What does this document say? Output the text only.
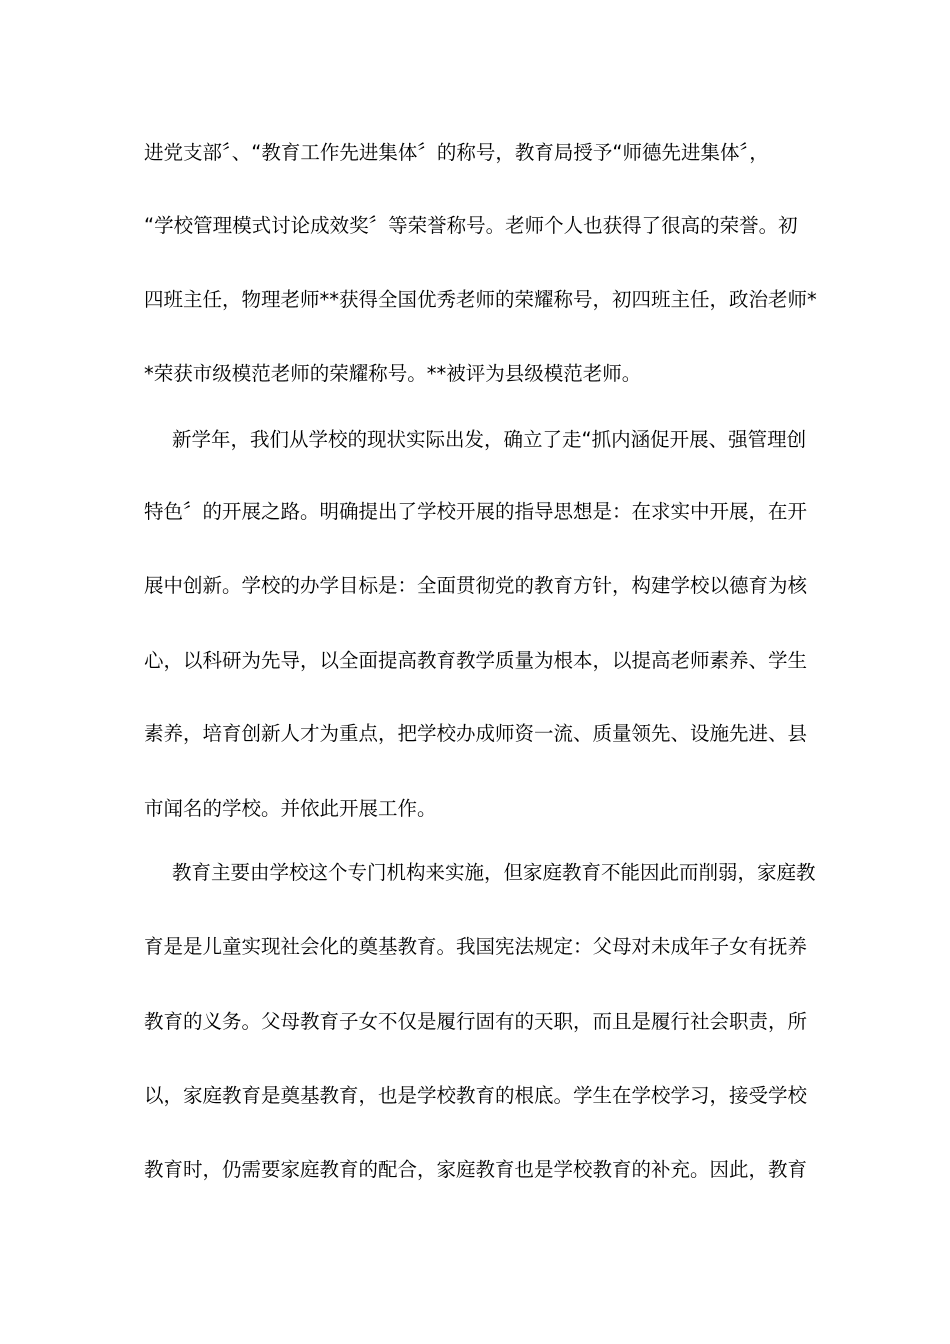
进党支部〞、“教育工作先进集体〞的称号，教育局授予“师德先进集体〞，
“学校管理模式讨论成效奖〞等荣誉称号。老师个人也获得了很高的荣誉。初
四班主任，物理老师**获得全国优秀老师的荣耀称号，初四班主任，政治老师*
*荣获市级模范老师的荣耀称号。**被评为县级模范老师。
新学年，我们从学校的现状实际出发，确立了走“抓内涵促开展、强管理创
特色〞的开展之路。明确提出了学校开展的指导思想是：在求实中开展，在开
展中创新。学校的办学目标是：全面贯彻党的教育方针，构建学校以德育为核
心，以科研为先导，以全面提高教育教学质量为根本，以提高老师素养、学生
素养，培育创新人才为重点，把学校办成师资一流、质量领先、设施先进、县
市闻名的学校。并依此开展工作。
教育主要由学校这个专门机构来实施，但家庭教育不能因此而削弱，家庭教
育是是儿童实现社会化的奠基教育。我国宪法规定：父母对未成年子女有抚养
教育的义务。父母教育子女不仅是履行固有的天职，而且是履行社会职责，所
以，家庭教育是奠基教育，也是学校教育的根底。学生在学校学习，接受学校
教育时，仍需要家庭教育的配合，家庭教育也是学校教育的补充。因此，教育
